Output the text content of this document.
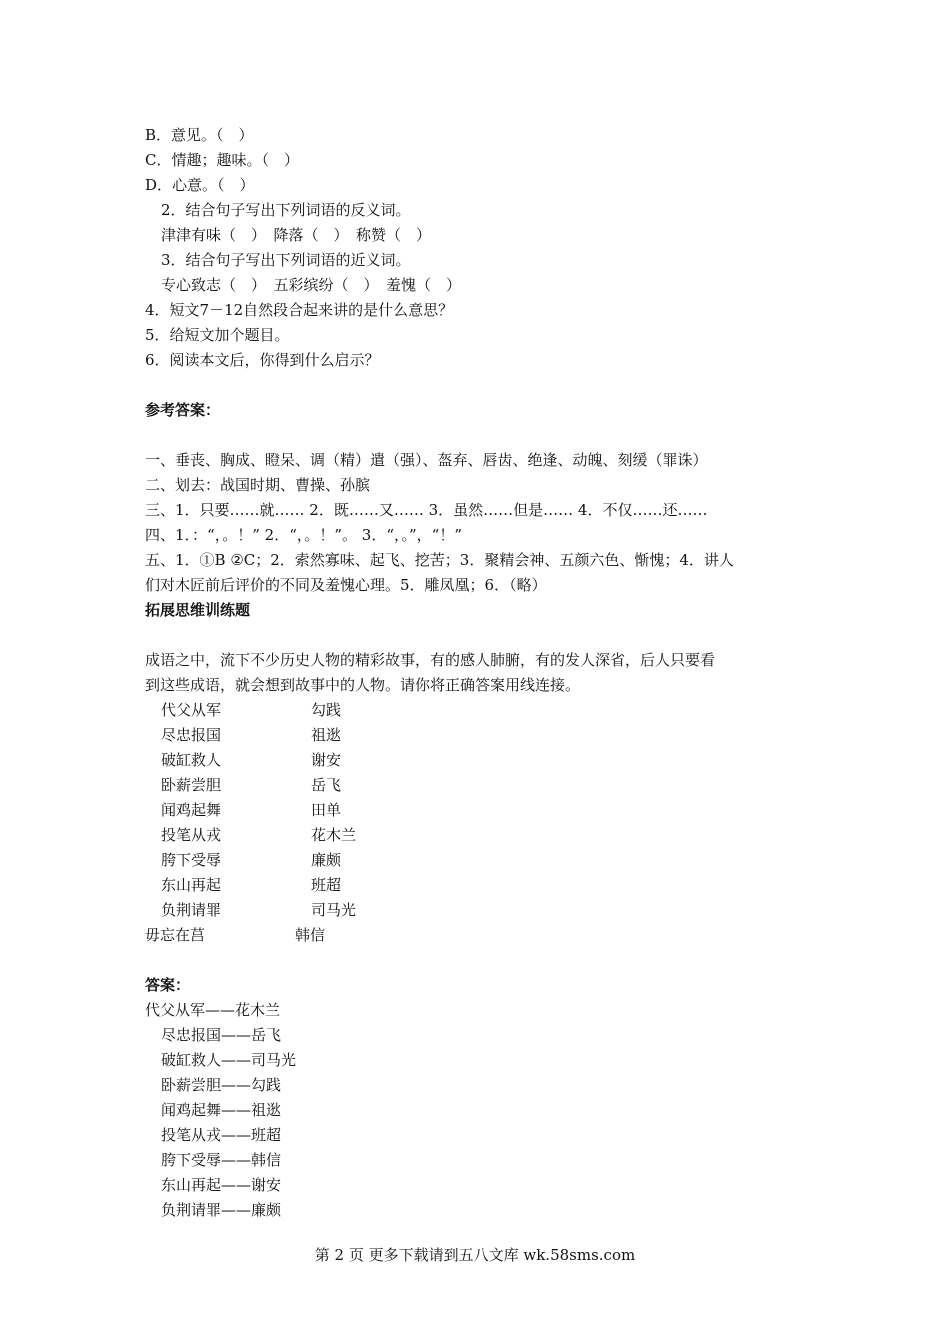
B．意见。（　）
C．情趣；趣味。（　）
D．心意。（　）
2．结合句子写出下列词语的反义词。
津津有味（　）　降落（　）　称赞（　）
3．结合句子写出下列词语的近义词。
专心致志（　）　五彩缤纷（　）　羞愧（　）
4．短文7－12自然段合起来讲的是什么意思？
5．给短文加个题目。
6．阅读本文后，你得到什么启示？
参考答案：
一、垂丧、胸成、瞪呆、调（精）遣（强）、盔弃、唇齿、绝逢、动魄、刻缓（罪诛）
二、划去：战国时期、曹操、孙膑
三、1．只要……就…… 2．既……又…… 3．虽然……但是…… 4．不仅……还……
四、1．：“，。！” 2．“，。！”。 3．“，。”，“！”
五、1．①B ②C；2．索然寡味、起飞、挖苦；3．聚精会神、五颜六色、惭愧；4．讲人
们对木匠前后评价的不同及羞愧心理。5．雕凤凰；6．（略）
拓展思维训练题
成语之中，流下不少历史人物的精彩故事，有的感人肺腑，有的发人深省，后人只要看
到这些成语，就会想到故事中的人物。请你将正确答案用线连接。
代父从军	勾践
尽忠报国	祖逖
破缸救人	谢安
卧薪尝胆	岳飞
闻鸡起舞	田单
投笔从戎	花木兰
胯下受辱	廉颇
东山再起	班超
负荆请罪	司马光
毋忘在莒	韩信
答案：
代父从军——花木兰
尽忠报国——岳飞
破缸救人——司马光
卧薪尝胆——勾践
闻鸡起舞——祖逖
投笔从戎——班超
胯下受辱——韩信
东山再起——谢安
负荆请罪——廉颇
第 2 页 更多下载请到五八文库 wk.58sms.com
